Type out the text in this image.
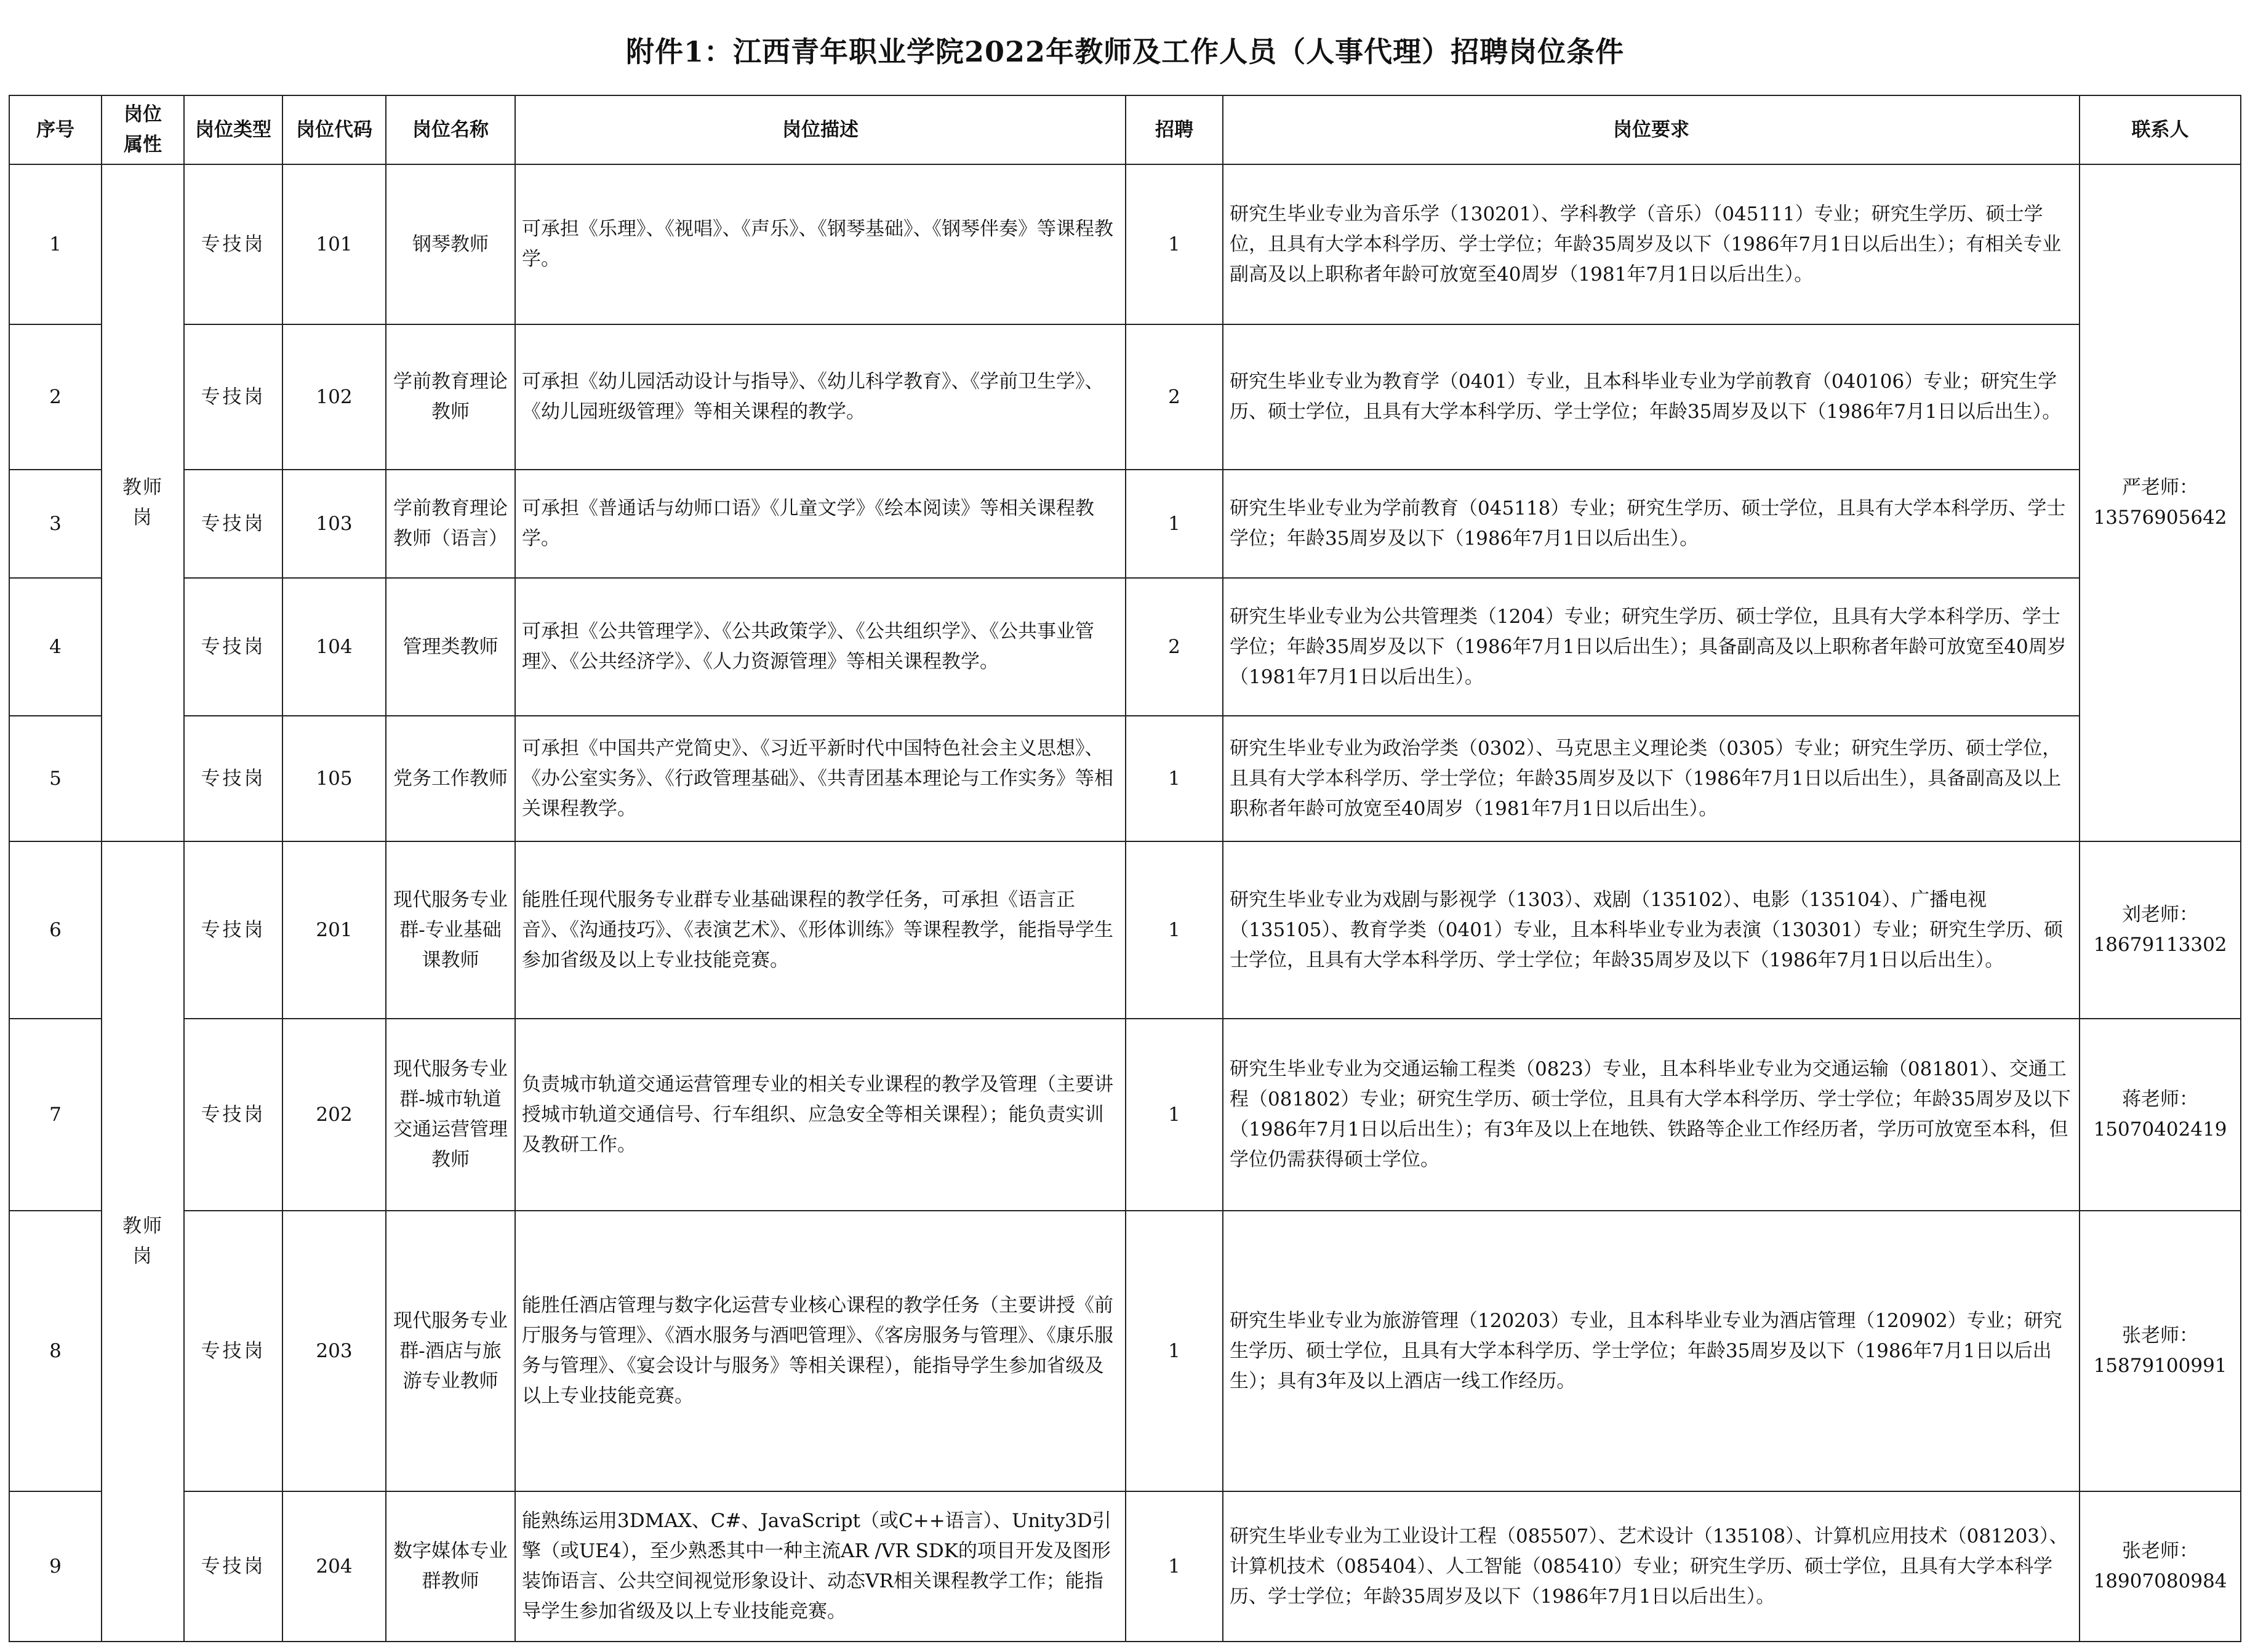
附件1：江西青年职业学院2022年教师及工作人员（人事代理）招聘岗位条件								
序号	岗位属性	岗位类型	岗位代码	岗位名称	岗位描述	招聘	岗位要求	联系人
1	教师岗	专技岗	101	钢琴教师	可承担《乐理》、《视唱》、《声乐》、《钢琴基础》、《钢琴伴奏》等课程教学。	1	研究生毕业专业为音乐学（130201）、学科教学（音乐）（045111）专业；研究生学历、硕士学位，且具有大学本科学历、学士学位；年龄35周岁及以下（1986年7月1日以后出生）；有相关专业副高及以上职称者年龄可放宽至40周岁（1981年7月1日以后出生）。	严老师：
13576905642

2		专技岗	102	学前教育理论教师	可承担《幼儿园活动设计与指导》、《幼儿科学教育》、《学前卫生学》、《幼儿园班级管理》等相关课程的教学。	2	研究生毕业专业为教育学（0401）专业，且本科毕业专业为学前教育（040106）专业；研究生学历、硕士学位，且具有大学本科学历、学士学位；年龄35周岁及以下（1986年7月1日以后出生）。	
3		专技岗	103	学前教育理论教师（语言）	可承担《普通话与幼师口语》《儿童文学》《绘本阅读》等相关课程教学。	1	研究生毕业专业为学前教育（045118）专业；研究生学历、硕士学位，且具有大学本科学历、学士学位；年龄35周岁及以下（1986年7月1日以后出生）。	
4		专技岗	104	管理类教师	可承担《公共管理学》、《公共政策学》、《公共组织学》、《公共事业管理》、《公共经济学》、《人力资源管理》等相关课程教学。	2	研究生毕业专业为公共管理类（1204）专业；研究生学历、硕士学位，且具有大学本科学历、学士学位；年龄35周岁及以下（1986年7月1日以后出生）；具备副高及以上职称者年龄可放宽至40周岁（1981年7月1日以后出生）。	
5		专技岗	105	党务工作教师	可承担《中国共产党简史》、《习近平新时代中国特色社会主义思想》、《办公室实务》、《行政管理基础》、《共青团基本理论与工作实务》等相关课程教学。	1	研究生毕业专业为政治学类（0302）、马克思主义理论类（0305）专业；研究生学历、硕士学位，且具有大学本科学历、学士学位；年龄35周岁及以下（1986年7月1日以后出生），具备副高及以上职称者年龄可放宽至40周岁（1981年7月1日以后出生）。	
6	教师岗	专技岗	201	现代服务专业群-专业基础课教师	能胜任现代服务专业群专业基础课程的教学任务，可承担《语言正音》、《沟通技巧》、《表演艺术》、《形体训练》等课程教学，能指导学生参加省级及以上专业技能竞赛。	1	研究生毕业专业为戏剧与影视学（1303）、戏剧（135102）、电影（135104）、广播电视（135105）、教育学类（0401）专业，且本科毕业专业为表演（130301）专业；研究生学历、硕士学位，且具有大学本科学历、学士学位；年龄35周岁及以下（1986年7月1日以后出生）。	刘老师：
18679113302

7		专技岗	202	现代服务专业群-城市轨道交通运营管理教师	负责城市轨道交通运营管理专业的相关专业课程的教学及管理（主要讲授城市轨道交通信号、行车组织、应急安全等相关课程）；能负责实训及教研工作。	1	研究生毕业专业为交通运输工程类（0823）专业，且本科毕业专业为交通运输（081801）、交通工程（081802）专业；研究生学历、硕士学位，且具有大学本科学历、学士学位；年龄35周岁及以下（1986年7月1日以后出生）；有3年及以上在地铁、铁路等企业工作经历者，学历可放宽至本科，但学位仍需获得硕士学位。	蒋老师：
15070402419

8		专技岗	203	现代服务专业群-酒店与旅游专业教师	能胜任酒店管理与数字化运营专业核心课程的教学任务（主要讲授《前厅服务与管理》、《酒水服务与酒吧管理》、《客房服务与管理》、《康乐服务与管理》、《宴会设计与服务》等相关课程），能指导学生参加省级及以上专业技能竞赛。	1	研究生毕业专业为旅游管理（120203）专业，且本科毕业专业为酒店管理（120902）专业；研究生学历、硕士学位，且具有大学本科学历、学士学位；年龄35周岁及以下（1986年7月1日以后出生）；具有3年及以上酒店一线工作经历。	张老师：
15879100991

9		专技岗	204	数字媒体专业群教师	能熟练运用3DMAX、C#、JavaScript（或C++语言）、Unity3D引擎（或UE4），至少熟悉其中一种主流AR /VR SDK的项目开发及图形装饰语言、公共空间视觉形象设计、动态VR相关课程教学工作；能指导学生参加省级及以上专业技能竞赛。	1	研究生毕业专业为工业设计工程（085507）、艺术设计（135108）、计算机应用技术（081203）、计算机技术（085404）、人工智能（085410）专业；研究生学历、硕士学位，且具有大学本科学历、学士学位；年龄35周岁及以下（1986年7月1日以后出生）。	张老师：
18907080984
